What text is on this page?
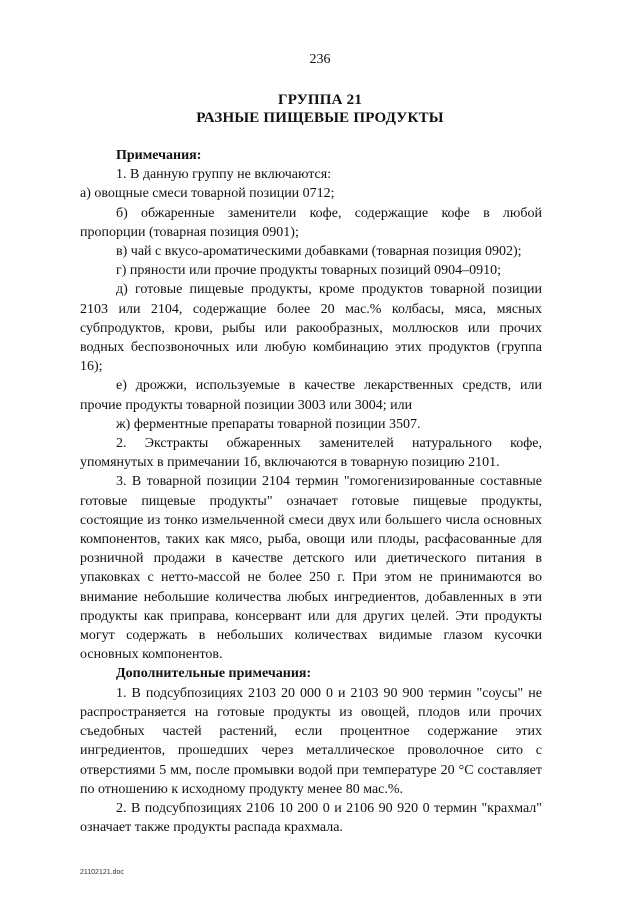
236
ГРУППА 21
РАЗНЫЕ ПИЩЕВЫЕ ПРОДУКТЫ

Примечания:

1. В данную группу не включаются:

а) овощные смеси товарной позиции 0712;

б) обжаренные заменители кофе, содержащие кофе в любой пропорции (товарная позиция 0901);

в) чай с вкусо-ароматическими добавками (товарная позиция 0902);

г) пряности или прочие продукты товарных позиций 0904–0910;

д) готовые пищевые продукты, кроме продуктов товарной позиции 2103 или 2104, содержащие более 20 мас.% колбасы, мяса, мясных субпродуктов, крови, рыбы или ракообразных, моллюсков или прочих водных беспозвоночных или любую комбинацию этих продуктов (группа 16);

е) дрожжи, используемые в качестве лекарственных средств, или прочие продукты товарной позиции 3003 или 3004; или

ж) ферментные препараты товарной позиции 3507.

2. Экстракты обжаренных заменителей натурального кофе, упомянутых в примечании 1б, включаются в товарную позицию 2101.

3. В товарной позиции 2104 термин "гомогенизированные составные готовые пищевые продукты" означает готовые пищевые продукты, состоящие из тонко измельченной смеси двух или большего числа основных компонентов, таких как мясо, рыба, овощи или плоды, расфасованные для розничной продажи в качестве детского или диетического питания в упаковках с нетто-массой не более 250 г. При этом не принимаются во внимание небольшие количества любых ингредиентов, добавленных в эти продукты как приправа, консервант или для других целей. Эти продукты могут содержать в небольших количествах видимые глазом кусочки основных компонентов.

Дополнительные примечания:

1. В подсубпозициях 2103 20 000 0 и 2103 90 900 термин "соусы" не распространяется на готовые продукты из овощей, плодов или прочих съедобных частей растений, если процентное содержание этих ингредиентов, прошедших через металлическое проволочное сито с отверстиями 5 мм, после промывки водой при температуре 20 °С составляет по отношению к исходному продукту менее 80 мас.%.

2. В подсубпозициях 2106 10 200 0 и 2106 90 920 0 термин "крахмал" означает также продукты распада крахмала.

21102121.doc
